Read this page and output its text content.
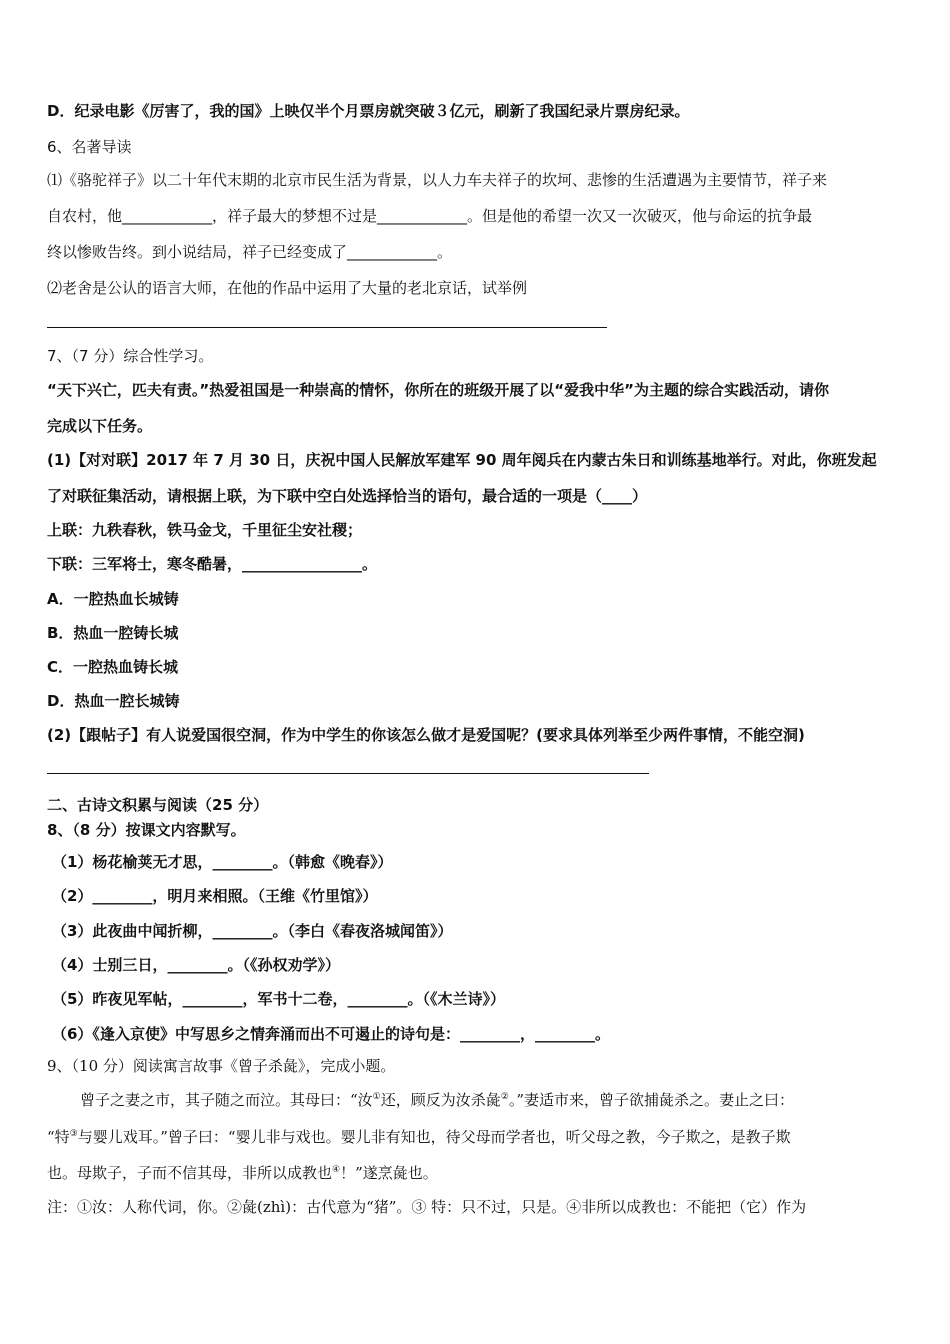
D．纪录电影《厉害了，我的国》上映仅半个月票房就突破３亿元，刷新了我国纪录片票房纪录。
6、名著导读
⑴《骆驼祥子》以二十年代末期的北京市民生活为背景，以人力车夫祥子的坎坷、悲惨的生活遭遇为主要情节，祥子来
自农村，他____________，祥子最大的梦想不过是____________。但是他的希望一次又一次破灭，他与命运的抗争最
终以惨败告终。到小说结局，祥子已经变成了____________。
⑵老舍是公认的语言大师，在他的作品中运用了大量的老北京话，试举例
7、（7 分）综合性学习。
“天下兴亡，匹夫有责。”热爱祖国是一种崇高的情怀，你所在的班级开展了以“爱我中华”为主题的综合实践活动，请你
完成以下任务。
(1)【对对联】2017 年 7 月 30 日，庆祝中国人民解放军建军 90 周年阅兵在内蒙古朱日和训练基地举行。对此，你班发起
了对联征集活动，请根据上联，为下联中空白处选择恰当的语句，最合适的一项是（____）
上联：九秩春秋，铁马金戈，千里征尘安社稷；
下联：三军将士，寒冬酷暑，________________。
A．一腔热血长城铸
B．热血一腔铸长城
C．一腔热血铸长城
D．热血一腔长城铸
(2)【跟帖子】有人说爱国很空洞，作为中学生的你该怎么做才是爱国呢？(要求具体列举至少两件事情，不能空洞)
二、古诗文积累与阅读（25 分）
8、（8 分）按课文内容默写。
（1）杨花榆荚无才思，________。（韩愈《晚春》）
（2）________，明月来相照。（王维《竹里馆》）
（3）此夜曲中闻折柳，________。（李白《春夜洛城闻笛》）
（4）士别三日，________。（《孙权劝学》）
（5）昨夜见军帖，________，军书十二卷，________。（《木兰诗》）
（6）《逢入京使》中写思乡之情奔涌而出不可遏止的诗句是：________，________。
9、（10 分）阅读寓言故事《曾子杀彘》，完成小题。
曾子之妻之市，其子随之而泣。其母曰：“汝①还，顾反为汝杀彘②。”妻适市来，曾子欲捕彘杀之。妻止之曰：
“特③与婴儿戏耳。”曾子曰：“婴儿非与戏也。婴儿非有知也，待父母而学者也，听父母之教，今子欺之，是教子欺
也。母欺子，子而不信其母，非所以成教也④！”遂烹彘也。
注：①汝：人称代词，你。②彘(zhì)：古代意为“猪”。③ 特：只不过，只是。④非所以成教也：不能把（它）作为
